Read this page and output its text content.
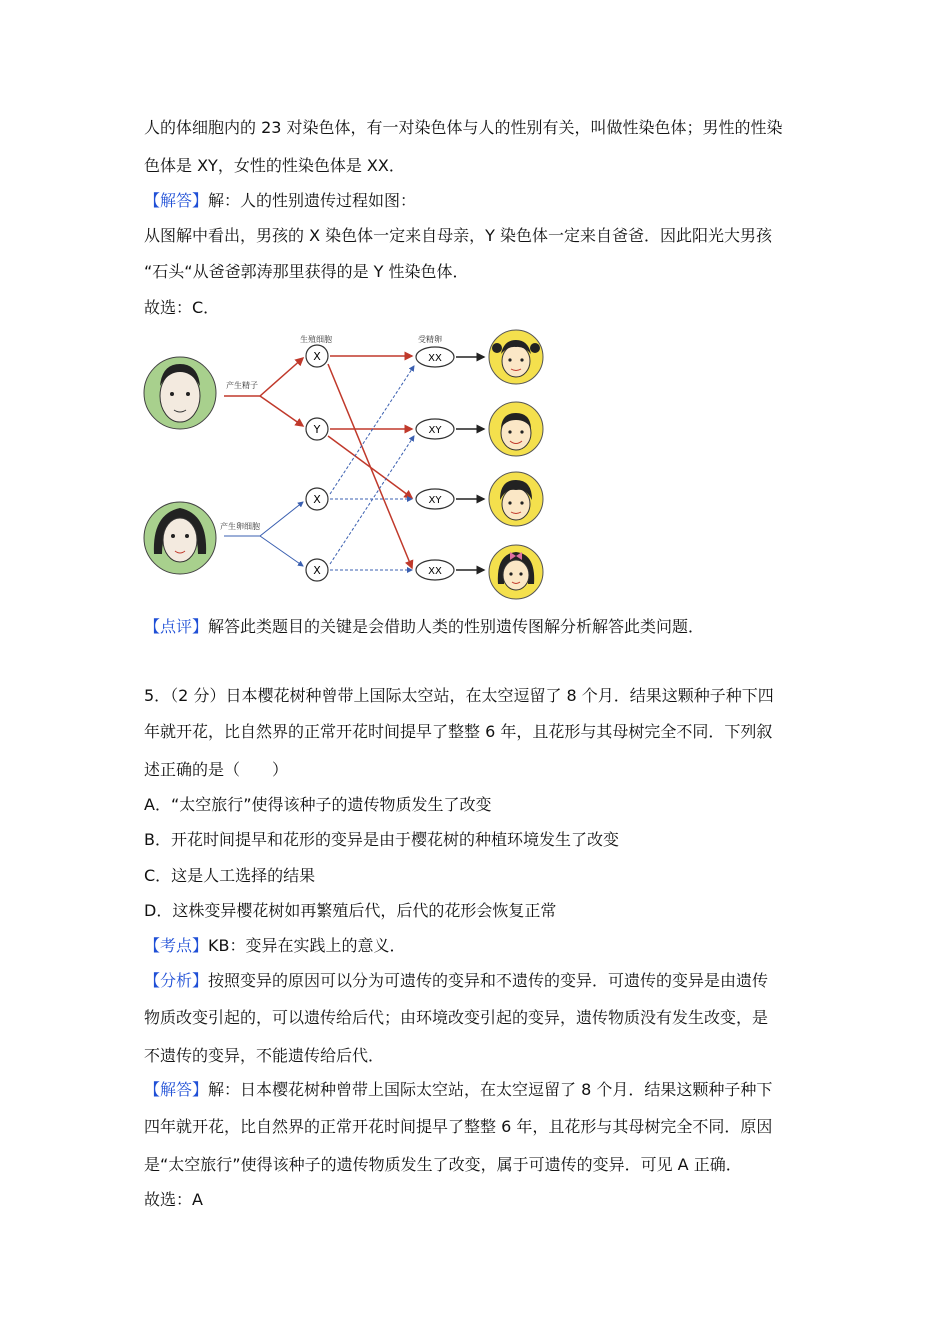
人的体细胞内的 23 对染色体，有一对染色体与人的性别有关，叫做性染色体；男性的性染
色体是 XY，女性的性染色体是 XX．
【解答】解：人的性别遗传过程如图：
从图解中看出，男孩的 X 染色体一定来自母亲，Y 染色体一定来自爸爸．因此阳光大男孩
“石头“从爸爸郭涛那里获得的是 Y 性染色体．
故选：C．
生殖细胞	受精卵
产生精子
产生卵细胞
X
Y
X
X
XX
XY
XY
XX
【点评】解答此类题目的关键是会借助人类的性别遗传图解分析解答此类问题．
5．（2 分）日本樱花树种曾带上国际太空站，在太空逗留了 8 个月．结果这颗种子种下四
年就开花，比自然界的正常开花时间提早了整整 6 年，且花形与其母树完全不同．下列叙
述正确的是（　　）
A．“太空旅行”使得该种子的遗传物质发生了改变
B．开花时间提早和花形的变异是由于樱花树的种植环境发生了改变
C．这是人工选择的结果
D．这株变异樱花树如再繁殖后代，后代的花形会恢复正常
【考点】KB：变异在实践上的意义．
【分析】按照变异的原因可以分为可遗传的变异和不遗传的变异．可遗传的变异是由遗传
物质改变引起的，可以遗传给后代；由环境改变引起的变异，遗传物质没有发生改变，是
不遗传的变异，不能遗传给后代．
【解答】解：日本樱花树种曾带上国际太空站，在太空逗留了 8 个月．结果这颗种子种下
四年就开花，比自然界的正常开花时间提早了整整 6 年，且花形与其母树完全不同．原因
是“太空旅行”使得该种子的遗传物质发生了改变，属于可遗传的变异．可见 A 正确．
故选：A
